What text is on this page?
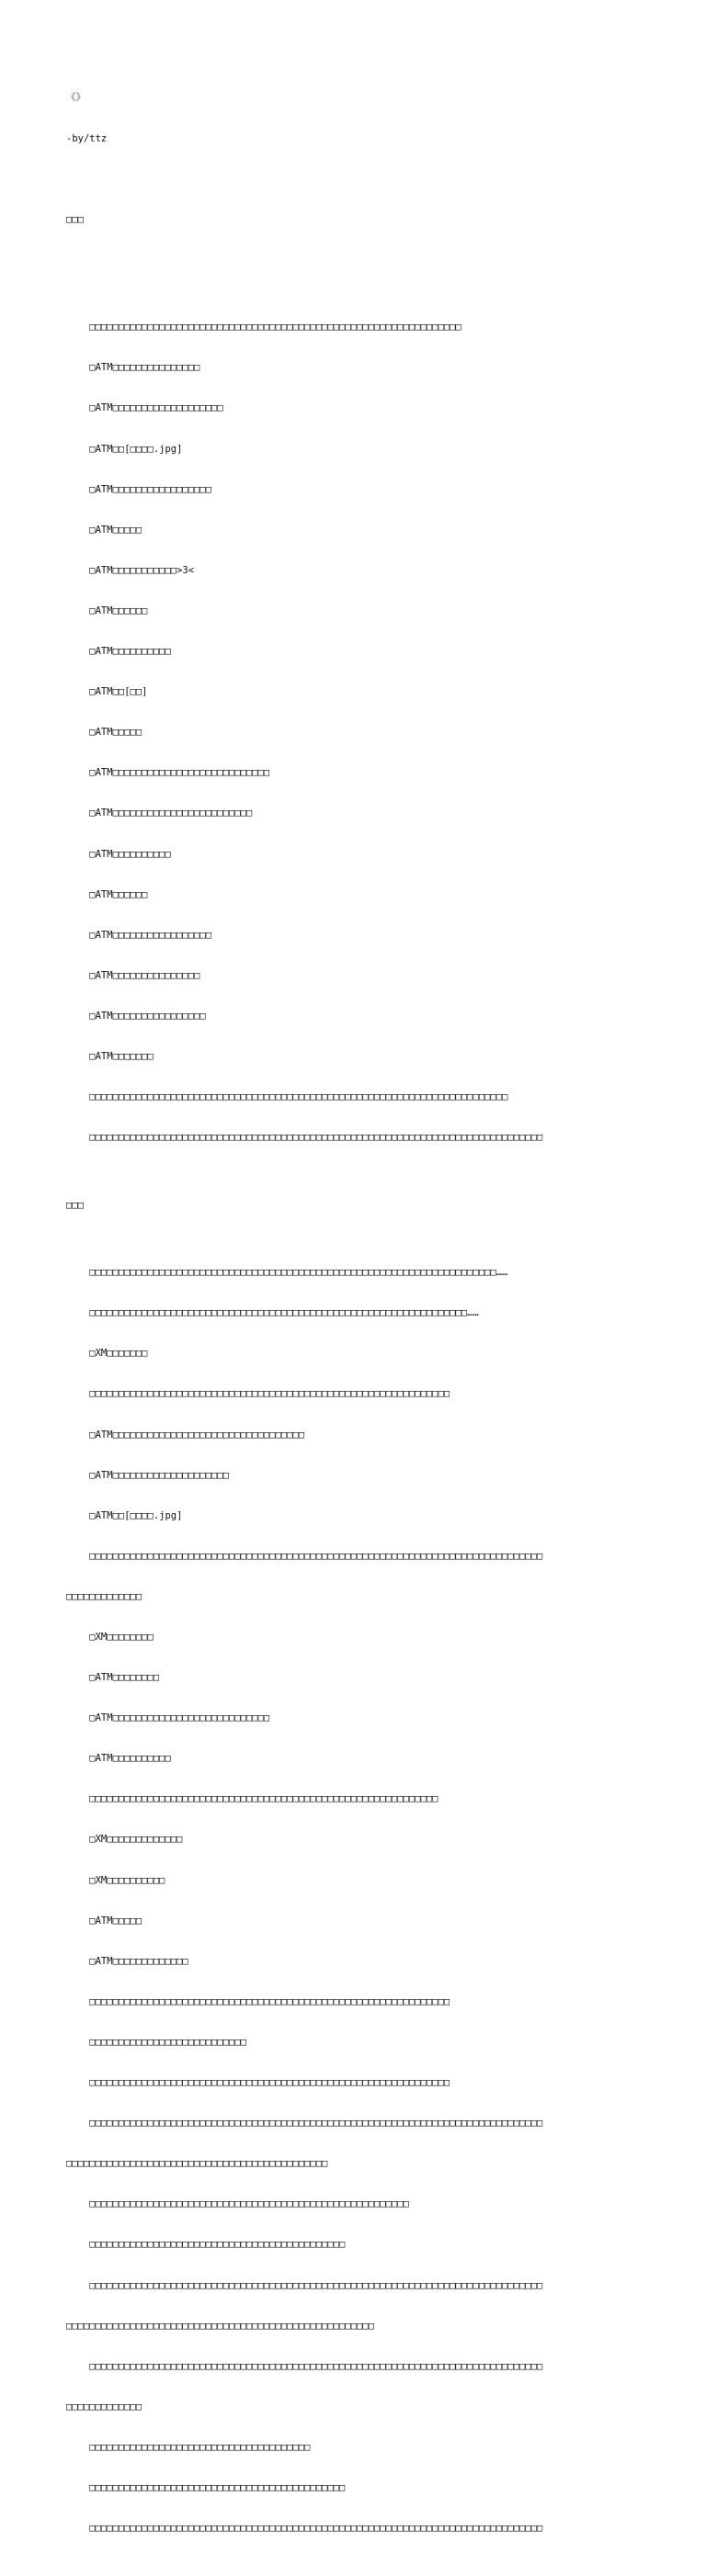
《》

-by/ttz

□□□

□□□□□□□□□□□□□□□□□□□□□□□□□□□□□□□□□□□□□□□□□□□□□□□□□□□□□□□□□□□□□□□□

□ATM□□□□□□□□□□□□□□□

□ATM□□□□□□□□□□□□□□□□□□□

□ATM□□[□□□□.jpg]

□ATM□□□□□□□□□□□□□□□□□

□ATM□□□□□

□ATM□□□□□□□□□□□>3<

□ATM□□□□□□

□ATM□□□□□□□□□□

□ATM□□[□□]

□ATM□□□□□

□ATM□□□□□□□□□□□□□□□□□□□□□□□□□□□

□ATM□□□□□□□□□□□□□□□□□□□□□□□□

□ATM□□□□□□□□□□

□ATM□□□□□□

□ATM□□□□□□□□□□□□□□□□□

□ATM□□□□□□□□□□□□□□□

□ATM□□□□□□□□□□□□□□□□

□ATM□□□□□□□

□□□□□□□□□□□□□□□□□□□□□□□□□□□□□□□□□□□□□□□□□□□□□□□□□□□□□□□□□□□□□□□□□□□□□□□□

□□□□□□□□□□□□□□□□□□□□□□□□□□□□□□□□□□□□□□□□□□□□□□□□□□□□□□□□□□□□□□□□□□□□□□□□□□□□□□

□□□

□□□□□□□□□□□□□□□□□□□□□□□□□□□□□□□□□□□□□□□□□□□□□□□□□□□□□□□□□□□□□□□□□□□□□□……

□□□□□□□□□□□□□□□□□□□□□□□□□□□□□□□□□□□□□□□□□□□□□□□□□□□□□□□□□□□□□□□□□……

□XM□□□□□□□

□□□□□□□□□□□□□□□□□□□□□□□□□□□□□□□□□□□□□□□□□□□□□□□□□□□□□□□□□□□□□□

□ATM□□□□□□□□□□□□□□□□□□□□□□□□□□□□□□□□□

□ATM□□□□□□□□□□□□□□□□□□□□

□ATM□□[□□□□.jpg]

□□□□□□□□□□□□□□□□□□□□□□□□□□□□□□□□□□□□□□□□□□□□□□□□□□□□□□□□□□□□□□□□□□□□□□□□□□□□□□

□□□□□□□□□□□□□

□XM□□□□□□□□

□ATM□□□□□□□□

□ATM□□□□□□□□□□□□□□□□□□□□□□□□□□□

□ATM□□□□□□□□□□

□□□□□□□□□□□□□□□□□□□□□□□□□□□□□□□□□□□□□□□□□□□□□□□□□□□□□□□□□□□□

□XM□□□□□□□□□□□□□

□XM□□□□□□□□□□

□ATM□□□□□

□ATM□□□□□□□□□□□□□

□□□□□□□□□□□□□□□□□□□□□□□□□□□□□□□□□□□□□□□□□□□□□□□□□□□□□□□□□□□□□□

□□□□□□□□□□□□□□□□□□□□□□□□□□□

□□□□□□□□□□□□□□□□□□□□□□□□□□□□□□□□□□□□□□□□□□□□□□□□□□□□□□□□□□□□□□

□□□□□□□□□□□□□□□□□□□□□□□□□□□□□□□□□□□□□□□□□□□□□□□□□□□□□□□□□□□□□□□□□□□□□□□□□□□□□□

□□□□□□□□□□□□□□□□□□□□□□□□□□□□□□□□□□□□□□□□□□□□□

□□□□□□□□□□□□□□□□□□□□□□□□□□□□□□□□□□□□□□□□□□□□□□□□□□□□□□□

□□□□□□□□□□□□□□□□□□□□□□□□□□□□□□□□□□□□□□□□□□□□

□□□□□□□□□□□□□□□□□□□□□□□□□□□□□□□□□□□□□□□□□□□□□□□□□□□□□□□□□□□□□□□□□□□□□□□□□□□□□□

□□□□□□□□□□□□□□□□□□□□□□□□□□□□□□□□□□□□□□□□□□□□□□□□□□□□□

□□□□□□□□□□□□□□□□□□□□□□□□□□□□□□□□□□□□□□□□□□□□□□□□□□□□□□□□□□□□□□□□□□□□□□□□□□□□□□

□□□□□□□□□□□□□

□□□□□□□□□□□□□□□□□□□□□□□□□□□□□□□□□□□□□□

□□□□□□□□□□□□□□□□□□□□□□□□□□□□□□□□□□□□□□□□□□□□

□□□□□□□□□□□□□□□□□□□□□□□□□□□□□□□□□□□□□□□□□□□□□□□□□□□□□□□□□□□□□□□□□□□□□□□□□□□□□□
